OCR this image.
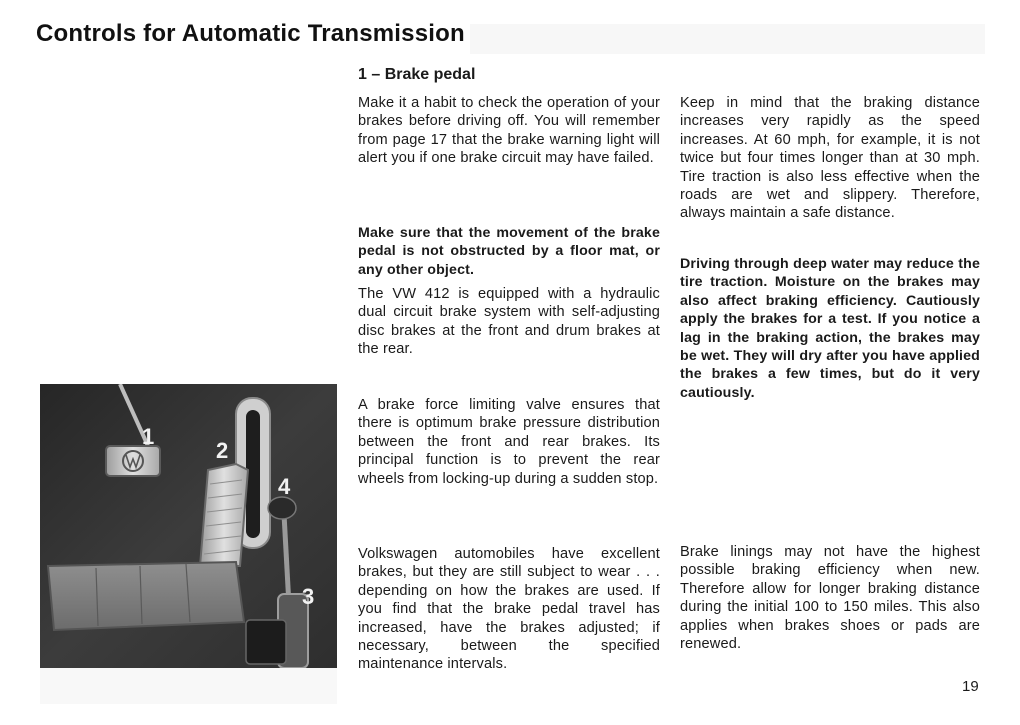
Controls for Automatic Transmission
1 – Brake pedal

Make it a habit to check the operation of your brakes before driving off. You will remember from page 17 that the brake warning light will alert you if one brake circuit may have failed.

Make sure that the movement of the brake pedal is not obstructed by a floor mat, or any other object.

The VW 412 is equipped with a hydraulic dual circuit brake system with self-adjusting disc brakes at the front and drum brakes at the rear.

A brake force limiting valve ensures that there is optimum brake pressure distribution between the front and rear brakes. Its principal function is to prevent the rear wheels from locking-up during a sudden stop.

Volkswagen automobiles have excellent brakes, but they are still subject to wear . . . depending on how the brakes are used. If you find that the brake pedal travel has increased, have the brakes adjusted; if necessary, between the specified maintenance intervals.

Keep in mind that the braking distance increases very rapidly as the speed increases. At 60 mph, for example, it is not twice but four times longer than at 30 mph. Tire traction is also less effective when the roads are wet and slippery. Therefore, always maintain a safe distance.

Driving through deep water may reduce the tire traction. Moisture on the brakes may also affect braking efficiency. Cautiously apply the brakes for a test. If you notice a lag in the braking action, the brakes may be wet. They will dry after you have applied the brakes a few times, but do it very cautiously.

Brake linings may not have the highest possible braking efficiency when new. Therefore allow for longer braking distance during the initial 100 to 150 miles. This also applies when brakes shoes or pads are renewed.

1
2
3
4
19
